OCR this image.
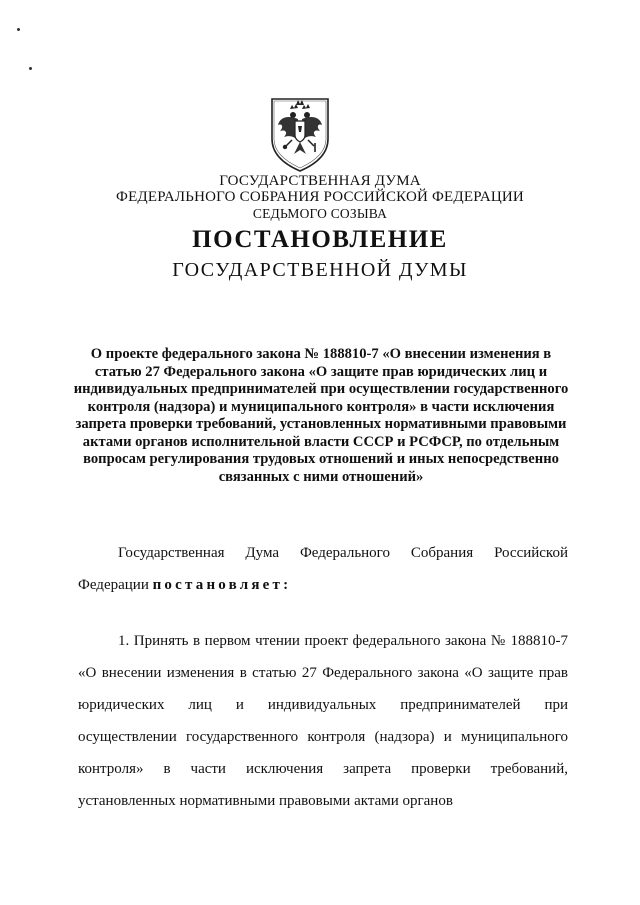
ГОСУДАРСТВЕННАЯ ДУМА
ФЕДЕРАЛЬНОГО СОБРАНИЯ РОССИЙСКОЙ ФЕДЕРАЦИИ
СЕДЬМОГО СОЗЫВА
ПОСТАНОВЛЕНИЕ
ГОСУДАРСТВЕННОЙ ДУМЫ
О проекте федерального закона № 188810-7 «О внесении изменения в статью 27 Федерального закона «О защите прав юридических лиц и индивидуальных предпринимателей при осуществлении государственного контроля (надзора) и муниципального контроля» в части исключения запрета проверки требований, установленных нормативными правовыми актами органов исполнительной власти СССР и РСФСР, по отдельным вопросам регулирования трудовых отношений и иных непосредственно связанных с ними отношений»
Государственная Дума Федерального Собрания Российской Федерации постановляет:
1. Принять в первом чтении проект федерального закона № 188810-7 «О внесении изменения в статью 27 Федерального закона «О защите прав юридических лиц и индивидуальных предпринимателей при осуществлении государственного контроля (надзора) и муниципального контроля» в части исключения запрета проверки требований, установленных нормативными правовыми актами органов
